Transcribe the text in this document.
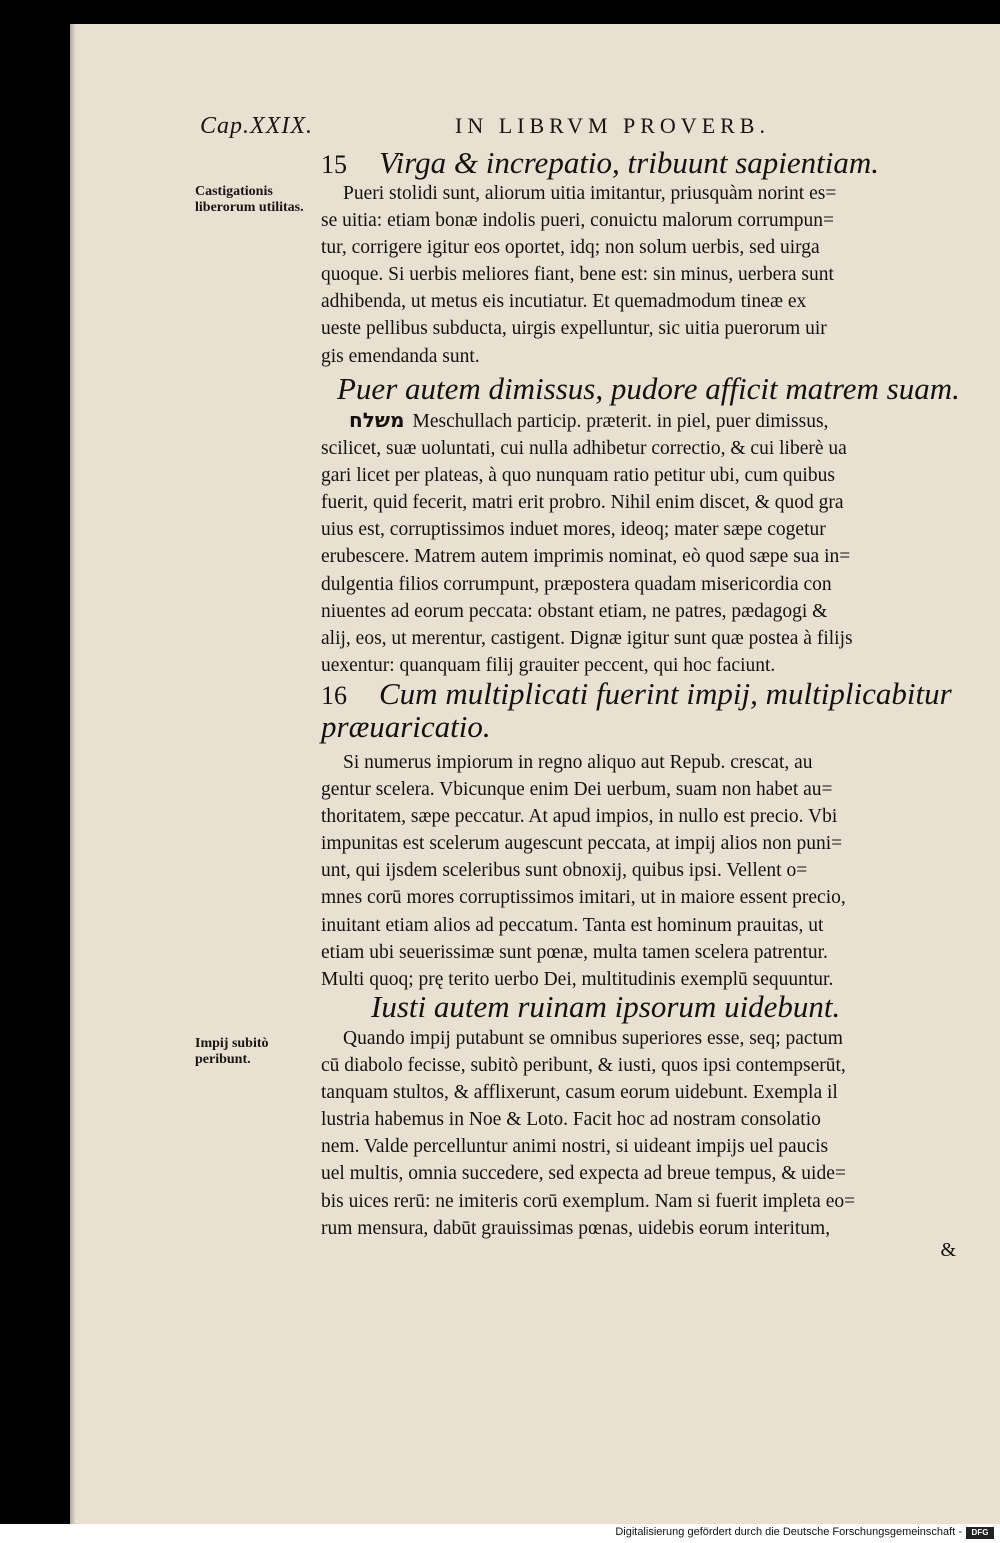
Cap.XXIX.	IN LIBRVM PROVERB.
Castigationis liberorum utilitas.
Impij subitò peribunt.

15 Virga & increpatio, tribuunt sapientiam.

Pueri stolidi sunt, aliorum uitia imitantur, priusquàm norint es=

se uitia: etiam bonæ indolis pueri, conuictu malorum corrumpun=

tur, corrigere igitur eos oportet, idq; non solum uerbis, sed uirga

quoque. Si uerbis meliores fiant, bene est: sin minus, uerbera sunt

adhibenda, ut metus eis incutiatur. Et quemadmodum tineæ ex

ueste pellibus subducta, uirgis expelluntur, sic uitia puerorum uir

gis emendanda sunt.

Puer autem dimissus, pudore afficit matrem suam.

משלח Meschullach particip. præterit. in piel, puer dimissus,

scilicet, suæ uoluntati, cui nulla adhibetur correctio, & cui liberè ua

gari licet per plateas, à quo nunquam ratio petitur ubi, cum quibus

fuerit, quid fecerit, matri erit probro. Nihil enim discet, & quod gra

uius est, corruptissimos induet mores, ideoq; mater sæpe cogetur

erubescere. Matrem autem imprimis nominat, eò quod sæpe sua in=

dulgentia filios corrumpunt, præpostera quadam misericordia con

niuentes ad eorum peccata: obstant etiam, ne patres, pædagogi &

alij, eos, ut merentur, castigent. Dignæ igitur sunt quæ postea à filijs

uexentur: quanquam filij grauiter peccent, qui hoc faciunt.

16 Cum multiplicati fuerint impij, multiplicabitur

præuaricatio.

Si numerus impiorum in regno aliquo aut Repub. crescat, au

gentur scelera. Vbicunque enim Dei uerbum, suam non habet au=

thoritatem, sæpe peccatur. At apud impios, in nullo est precio. Vbi

impunitas est scelerum augescunt peccata, at impij alios non puni=

unt, qui ijsdem sceleribus sunt obnoxij, quibus ipsi. Vellent o=

mnes corū mores corruptissimos imitari, ut in maiore essent precio,

inuitant etiam alios ad peccatum. Tanta est hominum prauitas, ut

etiam ubi seuerissimæ sunt pœnæ, multa tamen scelera patrentur.

Multi quoq; prę terito uerbo Dei, multitudinis exemplū sequuntur.

Iusti autem ruinam ipsorum uidebunt.

Quando impij putabunt se omnibus superiores esse, seq; pactum

cū diabolo fecisse, subitò peribunt, & iusti, quos ipsi contempserūt,

tanquam stultos, & afflixerunt, casum eorum uidebunt. Exempla il

lustria habemus in Noe & Loto. Facit hoc ad nostram consolatio

nem. Valde percelluntur animi nostri, si uideant impijs uel paucis

uel multis, omnia succedere, sed expecta ad breue tempus, & uide=

bis uices rerū: ne imiteris corū exemplum. Nam si fuerit impleta eo=

rum mensura, dabūt grauissimas pœnas, uidebis eorum interitum,

&
Digitalisierung gefördert durch die Deutsche Forschungsgemeinschaft -	DFG
